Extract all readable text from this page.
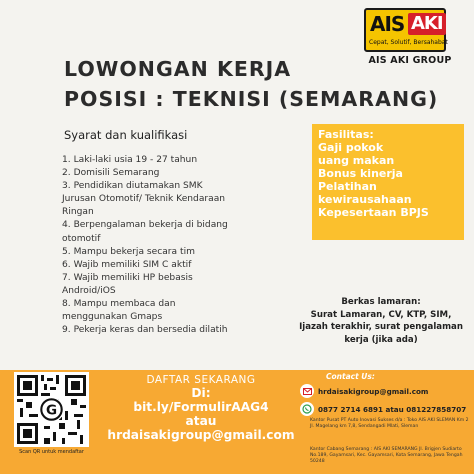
AIS AKI
Cepat, Solutif, Bersahabat
AIS AKI GROUP
LOWONGAN KERJA
POSISI : TEKNISI (SEMARANG)
Syarat dan kualifikasi
1. Laki-laki usia 19 - 27 tahun
2. Domisili Semarang
3. Pendidikan diutamakan SMK
Jurusan Otomotif/ Teknik Kendaraan
Ringan
4. Berpengalaman bekerja di bidang
otomotif
5. Mampu bekerja secara tim
6. Wajib memiliki SIM C aktif
7. Wajib memiliki HP bebasis
Android/iOS
8. Mampu membaca dan
menggunakan Gmaps
9. Pekerja keras dan bersedia dilatih
Fasilitas:
Gaji pokok
uang makan
Bonus kinerja
Pelatihan
kewirausahaan
Kepesertaan BPJS
Berkas lamaran:
Surat Lamaran, CV, KTP, SIM,
Ijazah terakhir, surat pengalaman
kerja (jika ada)
G
Scan QR untuk mendaftar
DAFTAR SEKARANG
Di:
bit.ly/FormulirAAG4
atau
hrdaisakigroup@gmail.com
Contact Us:
hrdaisakigroup@gmail.com
0877 2714 6891 atau 081227858707
Kantor Pusat PT Auto Inovasi Sukses d/a : Toko AIS AKI SLEMAN Km 2 Jl. Magelang km 7,8, Sendangadi Mlati, Sleman
Kantor Cabang Semarang : AIS AKI SEMARANG Jl. Brigjen Sudiarto No.189, Gayamsari, Kec. Gayamsari, Kota Semarang, Jawa Tengah 50248
